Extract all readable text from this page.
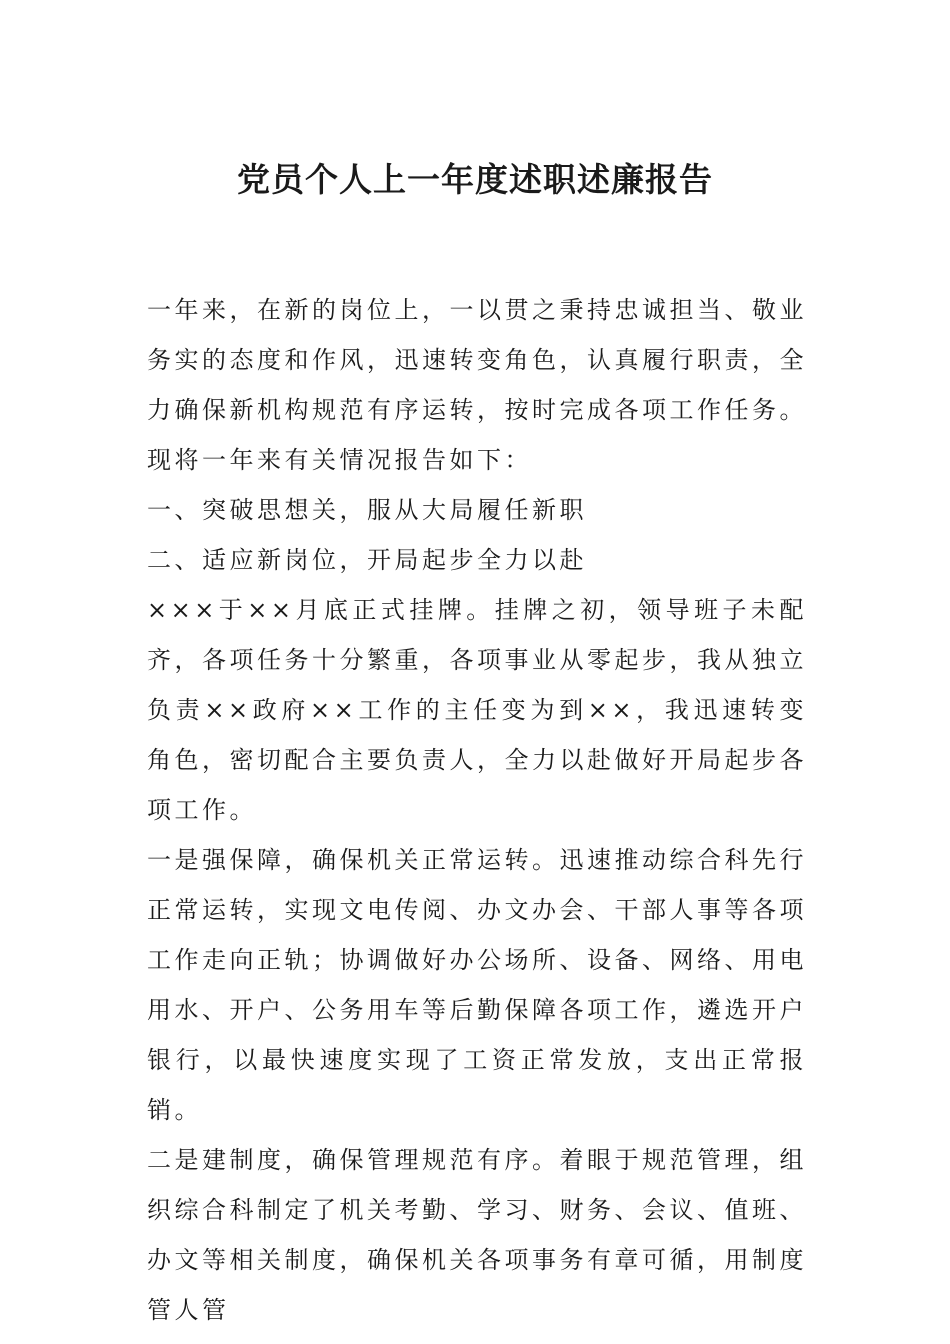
党员个人上一年度述职述廉报告

一年来，在新的岗位上，一以贯之秉持忠诚担当、敬业务实的态度和作风，迅速转变角色，认真履行职责，全力确保新机构规范有序运转，按时完成各项工作任务。现将一年来有关情况报告如下：

一、突破思想关，服从大局履任新职

二、适应新岗位，开局起步全力以赴

×××于××月底正式挂牌。挂牌之初，领导班子未配齐，各项任务十分繁重，各项事业从零起步，我从独立负责××政府××工作的主任变为到××，我迅速转变角色，密切配合主要负责人，全力以赴做好开局起步各项工作。

一是强保障，确保机关正常运转。迅速推动综合科先行正常运转，实现文电传阅、办文办会、干部人事等各项工作走向正轨；协调做好办公场所、设备、网络、用电用水、开户、公务用车等后勤保障各项工作，遴选开户银行，以最快速度实现了工资正常发放，支出正常报销。

二是建制度，确保管理规范有序。着眼于规范管理，组织综合科制定了机关考勤、学习、财务、会议、值班、办文等相关制度，确保机关各项事务有章可循，用制度管人管
